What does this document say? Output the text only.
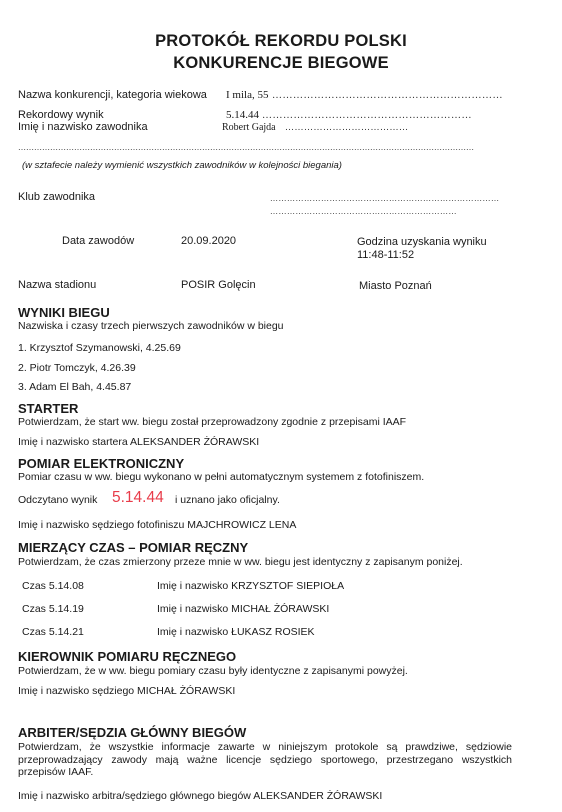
PROTOKÓŁ REKORDU POLSKI
KONKURENCJE BIEGOWE
Nazwa konkurencji, kategoria wiekowa I mila, 55 …………………………………………………………
Rekordowy wynik	5.14.44 ……………………………………………………
Imię i nazwisko zawodnika	Robert Gajda …………………………………
………………………………………………………………………………………………………………………………………………………
(w sztafecie należy wymienić wszystkich zawodników w kolejności biegania)
Klub zawodnika	………………………………………………………………………
…………………………………………………………
Data zawodów	20.09.2020	Godzina uzyskania wyniku
11:48-11:52
Nazwa stadionu	POSIR Golęcin	Miasto Poznań
WYNIKI BIEGU
Nazwiska i czasy trzech pierwszych zawodników w biegu
1. Krzysztof Szymanowski, 4.25.69
2. Piotr Tomczyk, 4.26.39
3. Adam El Bah, 4.45.87
STARTER
Potwierdzam, że start ww. biegu został przeprowadzony zgodnie z przepisami IAAF
Imię i nazwisko startera ALEKSANDER ŻÓRAWSKI
POMIAR ELEKTRONICZNY
Pomiar czasu w ww. biegu wykonano w pełni automatycznym systemem z fotofiniszem.
Odczytano wynik 5.14.44 i uznano jako oficjalny.
Imię i nazwisko sędziego fotofiniszu MAJCHROWICZ LENA
MIERZĄCY CZAS – POMIAR RĘCZNY
Potwierdzam, że czas zmierzony przeze mnie w ww. biegu jest identyczny z zapisanym poniżej.
Czas 5.14.08	Imię i nazwisko KRZYSZTOF SIEPIOŁA
Czas 5.14.19	Imię i nazwisko MICHAŁ ŻÓRAWSKI
Czas 5.14.21	Imię i nazwisko ŁUKASZ ROSIEK
KIEROWNIK POMIARU RĘCZNEGO
Potwierdzam, że w ww. biegu pomiary czasu były identyczne z zapisanymi powyżej.
Imię i nazwisko sędziego MICHAŁ ŻÓRAWSKI
ARBITER/SĘDZIA GŁÓWNY BIEGÓW
Potwierdzam, że wszystkie informacje zawarte w niniejszym protokole są prawdziwe, sędziowie przeprowadzający zawody mają ważne licencje sędziego sportowego, przestrzegano wszystkich przepisów IAAF.
Imię i nazwisko arbitra/sędziego głównego biegów ALEKSANDER ŻÓRAWSKI
